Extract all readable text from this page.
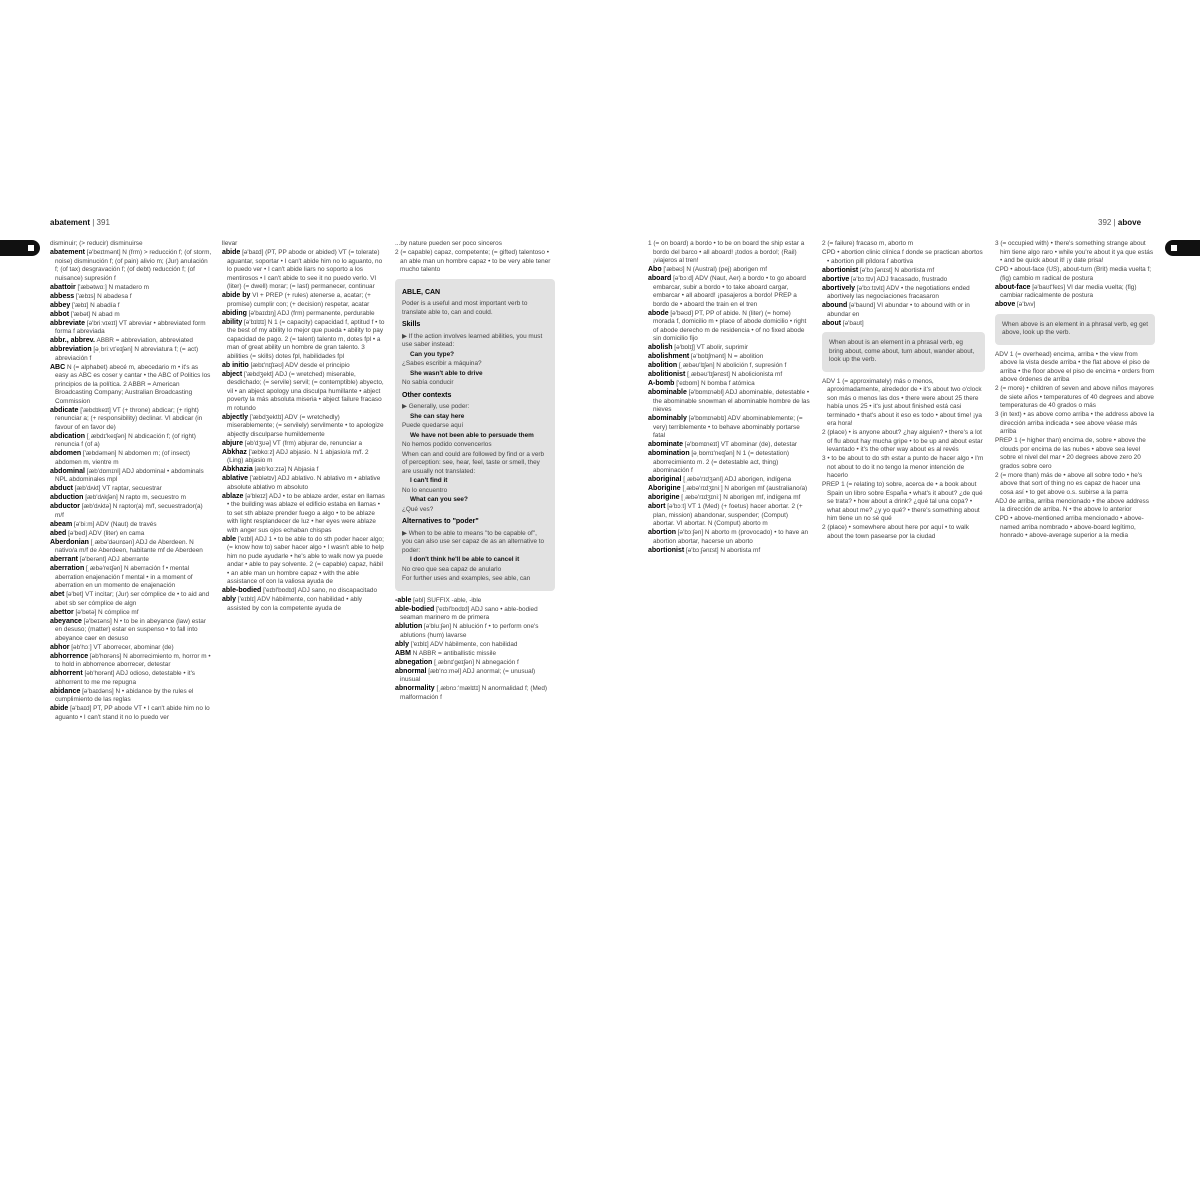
abatement | 391
disminuir; (> reducir) disminuirse
abatement [ə'beɪtmənt] N (frm) > reducción f; (of storm, noise) disminución f; (of pain) alivio m; (Jur) anulación f; (of tax) desgravación f; (of debt) reducción f; (of nuisance) supresión f
abattoir ['æbətwɑː] N matadero m
abbess ['æbɪs] N abadesa f
abbey ['æbɪ] N abadía f
abbot ['æbət] N abad m
abbreviate [ə'briːvɪeɪt] VT abreviar • abbreviated form forma f abreviada
abbr., abbrev. ABBR = abbreviation, abbreviated
abbreviation [əˌbriːvɪ'eɪʃən] N abreviatura f; (= act) abreviación f
ABC N (= alphabet) abecé m, abecedario m • it's as easy as ABC es coser y cantar • the ABC of Politics los principios de la política. 2 ABBR = American Broadcasting Company; Australian Broadcasting Commission
abdicate ['æbdɪkeɪt] VT (+ throne) abdicar; (+ right) renunciar a; (+ responsibility) declinar. VI abdicar (in favour of en favor de)
abdication [ˌæbdɪ'keɪʃən] N abdicación f; (of right) renuncia f (of a)
abdomen ['æbdəmən] N abdomen m; (of insect) abdomen m, vientre m
abdominal [æb'dɒmɪnl] ADJ abdominal • abdominals NPL abdominales mpl
abduct [æb'dʌkt] VT raptar, secuestrar
abduction [æb'dʌkʃən] N rapto m, secuestro m
abductor [æb'dʌktə] N raptor(a) m/f, secuestrador(a) m/f
abeam [ə'biːm] ADV (Naut) de través
abed [ə'bed] ADV (liter) en cama
Aberdonian [ˌæbə'dəʊnɪən] ADJ de Aberdeen. N nativo/a m/f de Aberdeen, habitante mf de Aberdeen
aberrant [ə'berənt] ADJ aberrante
aberration [ˌæbə'reɪʃən] N aberración f • mental aberration enajenación f mental • in a moment of aberration en un momento de enajenación
abet [ə'bet] VT incitar; (Jur) ser cómplice de • to aid and abet sb ser cómplice de algn
abettor [ə'betə] N cómplice mf
abeyance [ə'beɪəns] N • to be in abeyance (law) estar en desuso; (matter) estar en suspenso • to fall into abeyance caer en desuso
abhor [əb'hɔː] VT aborrecer, abominar (de)
abhorrence [əb'hɒrəns] N aborrecimiento m, horror m • to hold in abhorrence aborrecer, detestar
abhorrent [əb'hɒrənt] ADJ odioso, detestable • it's abhorrent to me me repugna
abidance [ə'baɪdəns] N • abidance by the rules el cumplimiento de las reglas
abide [ə'baɪd] PT, PP abode VT • I can't abide him no lo aguanto • I can't stand it no lo puedo ver
llevar
abide [ə'baɪd] (PT, PP abode or abided) VT (= tolerate) aguantar, soportar • I can't abide him no lo aguanto, no lo puedo ver • I can't abide liars no soporto a los mentirosos • I can't abide to see it no puedo verlo. VI (liter) (= dwell) morar; (= last) permanecer, continuar
abide by VI + PREP (+ rules) atenerse a, acatar; (+ promise) cumplir con; (+ decision) respetar, acatar
abiding [ə'baɪdɪŋ] ADJ (frm) permanente, perdurable
ability [ə'bɪlɪtɪ] N 1 (= capacity) capacidad f, aptitud f • to the best of my ability lo mejor que pueda • ability to pay capacidad de pago. 2 (= talent) talento m, dotes fpl • a man of great ability un hombre de gran talento. 3 abilities (= skills) dotes fpl, habilidades fpl
ab initio [æbɪ'nɪʃɪəʊ] ADV desde el principio
abject ['æbdʒekt] ADJ (= wretched) miserable, desdichado; (= servile) servil; (= contemptible) abyecto, vil • an abject apology una disculpa humillante • abject poverty la más absoluta miseria • abject failure fracaso m rotundo
abjectly ['æbdʒektlɪ] ADV (= wretchedly) miserablemente; (= servilely) servilmente • to apologize abjectly disculparse humildemente
abjure [əb'dʒʊə] VT (frm) abjurar de, renunciar a
Abkhaz ['æbkɑːz] ADJ abjasio. N 1 abjasio/a m/f. 2 (Ling) abjasio m
Abkhazia [æb'kɑːzɪə] N Abjasia f
ablative ['æblətɪv] ADJ ablativo. N ablativo m • ablative absolute ablativo m absoluto
ablaze [ə'bleɪz] ADJ • to be ablaze arder, estar en llamas • the building was ablaze el edificio estaba en llamas • to set sth ablaze prender fuego a algo • to be ablaze with light resplandecer de luz • her eyes were ablaze with anger sus ojos echaban chispas
able ['eɪbl] ADJ 1 • to be able to do sth poder hacer algo; (= know how to) saber hacer algo • I wasn't able to help him no pude ayudarle • he's able to walk now ya puede andar • able to pay solvente. 2 (= capable) capaz, hábil • an able man un hombre capaz • with the able assistance of con la valiosa ayuda de
able-bodied ['eɪbl'bɒdɪd] ADJ sano, no discapacitado
ably ['eɪblɪ] ADV hábilmente, con habilidad • ably assisted by con la competente ayuda de
...by nature pueden ser poco sinceros
2 (= capable) capaz, competente; (= gifted) talentoso • an able man un hombre capaz • to be very able tener mucho talento
ABLE, CAN
Poder is a useful and most important verb to translate able to, can and could.
Skills
▶ If the action involves learned abilities, you must use saber instead:
Can you type?
¿Sabes escribir a máquina?
She wasn't able to drive
No sabía conducir
Other contexts
▶ Generally, use poder:
She can stay here
Puede quedarse aquí
We have not been able to persuade them
No hemos podido convencerlos
When can and could are followed by find or a verb of perception: see, hear, feel, taste or smell, they are usually not translated:
I can't find it
No lo encuentro
What can you see?
¿Qué ves?
Alternatives to "poder"
▶ When to be able to means "to be capable of", you can also use ser capaz de as an alternative to poder:
I don't think he'll be able to cancel it
No creo que sea capaz de anularlo
For further uses and examples, see able, can
-able [əbl] SUFFIX -able, -ible
able-bodied ['eɪbl'bɒdɪd] ADJ sano • able-bodied seaman marinero m de primera
ablution [ə'bluːʃən] N ablución f • to perform one's ablutions (hum) lavarse
ably ['eɪblɪ] ADV hábilmente, con habilidad
ABM N ABBR = antiballistic missile
abnegation [ˌæbnɪ'geɪʃən] N abnegación f
abnormal [æb'nɔːməl] ADJ anormal; (= unusual) inusual
abnormality [ˌæbnɔː'mælɪtɪ] N anormalidad f; (Med) malformación f
392 | above
1 (= on board) a bordo • to be on board the ship estar a bordo del barco • all aboard! ¡todos a bordo!; (Rail) ¡viajeros al tren!
Abo ['æbəʊ] N (Austral) (pej) aborigen mf
aboard [ə'bɔːd] ADV (Naut, Aer) a bordo • to go aboard embarcar, subir a bordo • to take aboard cargar, embarcar • all aboard! ¡pasajeros a bordo! PREP a bordo de • aboard the train en el tren
abode [ə'bəʊd] PT, PP of abide. N (liter) (= home) morada f, domicilio m • place of abode domicilio • right of abode derecho m de residencia • of no fixed abode sin domicilio fijo
abolish [ə'bɒlɪʃ] VT abolir, suprimir
abolishment [ə'bɒlɪʃmənt] N = abolition
abolition [ˌæbəʊ'lɪʃən] N abolición f, supresión f
abolitionist [ˌæbəʊ'lɪʃənɪst] N abolicionista mf
A-bomb ['eɪbɒm] N bomba f atómica
abominable [ə'bɒmɪnəbl] ADJ abominable, detestable • the abominable snowman el abominable hombre de las nieves
abominably [ə'bɒmɪnəblɪ] ADV abominablemente; (= very) terriblemente • to behave abominably portarse fatal
abominate [ə'bɒmɪneɪt] VT abominar (de), detestar
abomination [əˌbɒmɪ'neɪʃən] N 1 (= detestation) aborrecimiento m. 2 (= detestable act, thing) abominación f
aboriginal [ˌæbə'rɪdʒənl] ADJ aborigen, indígena
Aborigine [ˌæbə'rɪdʒɪniː] N aborigen mf (australiano/a)
aborigine [ˌæbə'rɪdʒɪniː] N aborigen mf, indígena mf
abort [ə'bɔːt] VT 1 (Med) (+ foetus) hacer abortar. 2 (+ plan, mission) abandonar, suspender; (Comput) abortar. VI abortar. N (Comput) aborto m
abortion [ə'bɔːʃən] N aborto m (provocado) • to have an abortion abortar, hacerse un aborto
abortionist [ə'bɔːʃənɪst] N abortista mf
2 (= failure) fracaso m, aborto m
CPD • abortion clinic clínica f donde se practican abortos • abortion pill píldora f abortiva
abortionist [ə'bɔːʃənɪst] N abortista mf
abortive [ə'bɔːtɪv] ADJ fracasado, frustrado
abortively [ə'bɔːtɪvlɪ] ADV • the negotiations ended abortively las negociaciones fracasaron
abound [ə'baʊnd] VI abundar • to abound with or in abundar en
about [ə'baʊt]
When about is an element in a phrasal verb, eg bring about, come about, turn about, wander about, look up the verb.
ADV 1 (= approximately) más o menos, aproximadamente, alrededor de • it's about two o'clock son más o menos las dos • there were about 25 there había unos 25 • it's just about finished está casi terminado • that's about it eso es todo • about time! ¡ya era hora!
2 (place) • is anyone about? ¿hay alguien? • there's a lot of flu about hay mucha gripe • to be up and about estar levantado • it's the other way about es al revés
3 • to be about to do sth estar a punto de hacer algo • I'm not about to do it no tengo la menor intención de hacerlo
PREP 1 (= relating to) sobre, acerca de • a book about Spain un libro sobre España • what's it about? ¿de qué se trata? • how about a drink? ¿qué tal una copa? • what about me? ¿y yo qué? • there's something about him tiene un no sé qué
2 (place) • somewhere about here por aquí • to walk about the town pasearse por la ciudad
3 (= occupied with) • there's something strange about him tiene algo raro • while you're about it ya que estás • and be quick about it! ¡y date prisa!
CPD • about-face (US), about-turn (Brit) media vuelta f; (fig) cambio m radical de postura
about-face [ə'baʊt'feɪs] VI dar media vuelta; (fig) cambiar radicalmente de postura
above [ə'bʌv]
When above is an element in a phrasal verb, eg get above, look up the verb.
ADV 1 (= overhead) encima, arriba • the view from above la vista desde arriba • the flat above el piso de arriba • the floor above el piso de encima • orders from above órdenes de arriba
2 (= more) • children of seven and above niños mayores de siete años • temperatures of 40 degrees and above temperaturas de 40 grados o más
3 (in text) • as above como arriba • the address above la dirección arriba indicada • see above véase más arriba
PREP 1 (= higher than) encima de, sobre • above the clouds por encima de las nubes • above sea level sobre el nivel del mar • 20 degrees above zero 20 grados sobre cero
2 (= more than) más de • above all sobre todo • he's above that sort of thing no es capaz de hacer una cosa así • to get above o.s. subirse a la parra
ADJ de arriba, arriba mencionado • the above address la dirección de arriba. N • the above lo anterior
CPD • above-mentioned arriba mencionado • above-named arriba nombrado • above-board legítimo, honrado • above-average superior a la media
